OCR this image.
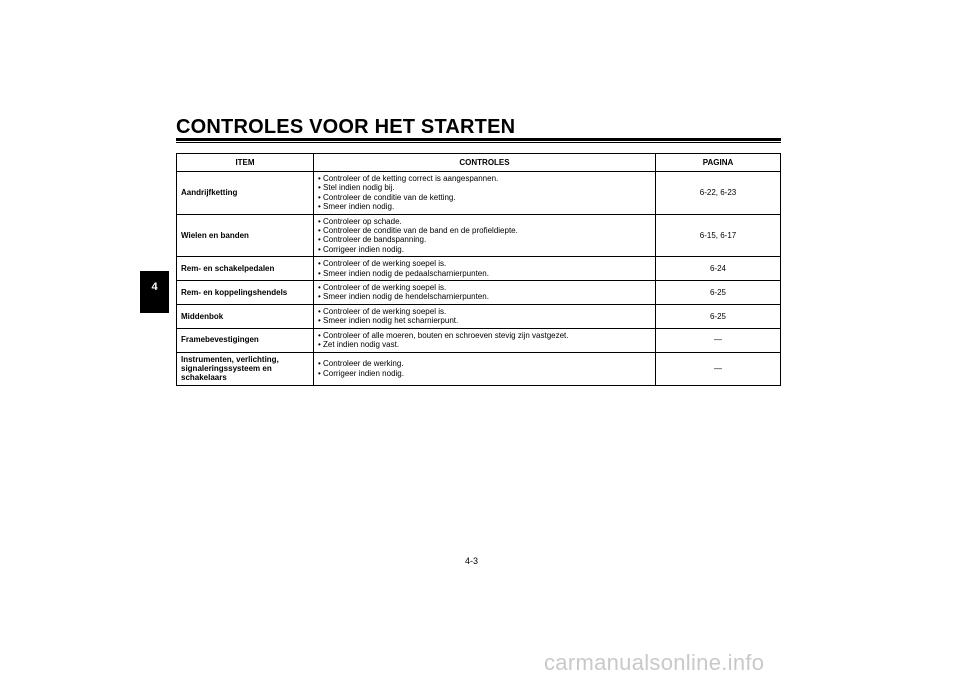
CONTROLES VOOR HET STARTEN
4
ITEM	CONTROLES	PAGINA
Aandrijfketting	• Controleer of de ketting correct is aangespannen.
• Stel indien nodig bij.
• Controleer de conditie van de ketting.
• Smeer indien nodig.	6-22, 6-23
Wielen en banden	• Controleer op schade.
• Controleer de conditie van de band en de profieldiepte.
• Controleer de bandspanning.
• Corrigeer indien nodig.	6-15, 6-17
Rem- en schakelpedalen	• Controleer of de werking soepel is.
• Smeer indien nodig de pedaalscharnierpunten.	6-24
Rem- en koppelingshendels	• Controleer of de werking soepel is.
• Smeer indien nodig de hendelscharnierpunten.	6-25
Middenbok	• Controleer of de werking soepel is.
• Smeer indien nodig het scharnierpunt.	6-25
Framebevestigingen	• Controleer of alle moeren, bouten en schroeven stevig zijn vastgezet.
• Zet indien nodig vast.	—
Instrumenten, verlichting, signaleringssysteem en schakelaars	• Controleer de werking.
• Corrigeer indien nodig.	—
4-3
carmanualsonline.info
